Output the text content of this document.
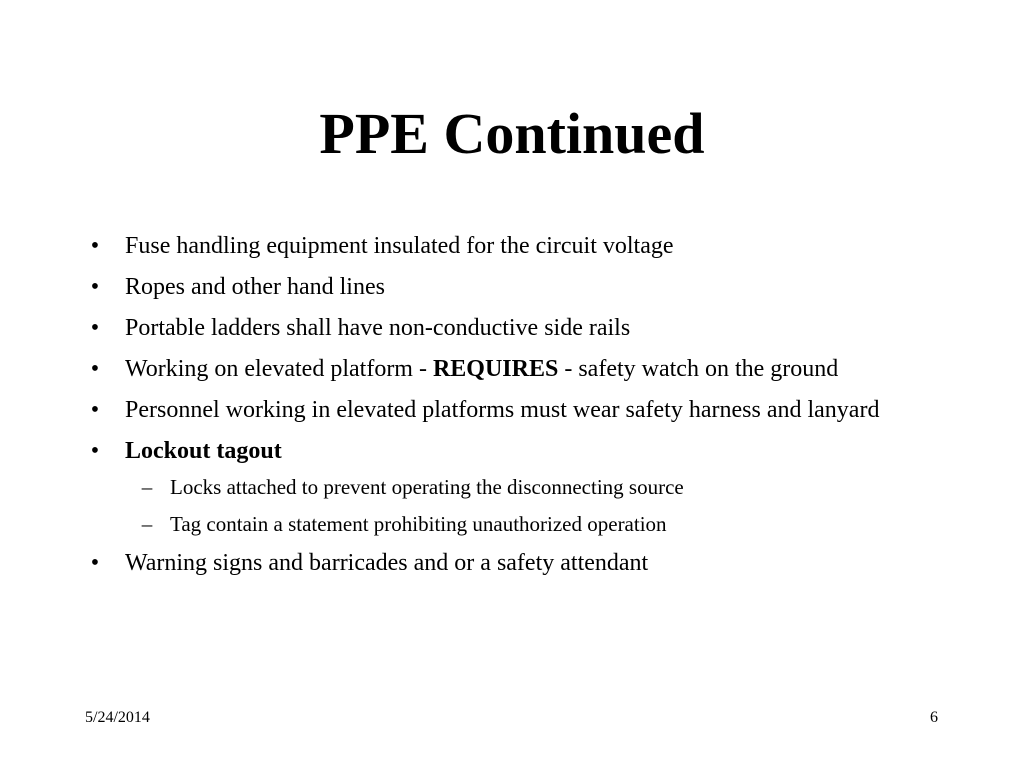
PPE Continued
• Fuse handling equipment insulated for the circuit voltage
• Ropes and other hand lines
• Portable ladders shall have non-conductive side rails
• Working on elevated platform - REQUIRES - safety watch on the ground
• Personnel working in elevated platforms must wear safety harness and lanyard
• Lockout tagout
– Locks attached to prevent operating the disconnecting source
– Tag contain a statement prohibiting unauthorized operation
• Warning signs and barricades and or a safety attendant
5/24/2014	6
